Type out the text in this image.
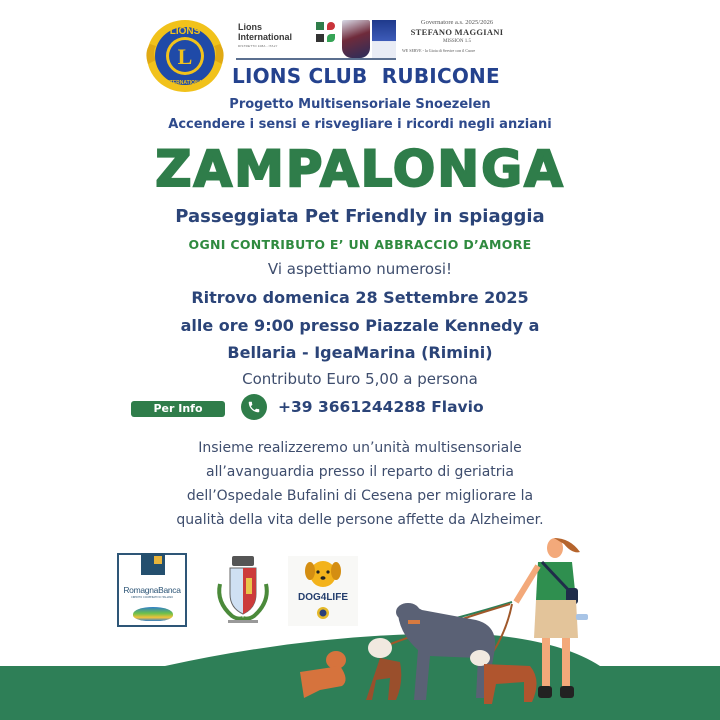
L
LIONS
INTERNATIONAL
Lions
International
DISTRETTO 108A - ITALY
Governatore a.s. 2025/2026
STEFANO MAGGIANI
MISSION 1.5
WE SERVE - la Gioia di Servire con il Cuore
LIONS CLUB  RUBICONE
Progetto Multisensoriale Snoezelen
Accendere i sensi e risvegliare i ricordi negli anziani
ZAMPALONGA
Passeggiata Pet Friendly in spiaggia
OGNI CONTRIBUTO E’ UN ABBRACCIO D’AMORE
Vi aspettiamo numerosi!
Ritrovo domenica 28 Settembre 2025
alle ore 9:00 presso Piazzale Kennedy a
Bellaria - IgeaMarina (Rimini)
Contributo Euro 5,00 a persona
Per Info	+39 3661244288 Flavio
Insieme realizzeremo un’unità multisensoriale
all’avanguardia presso il reparto di geriatria
dell’Ospedale Bufalini di Cesena per migliorare la
qualità della vita delle persone affette da Alzheimer.
RomagnaBanca
CREDITO COOPERATIVO ITALIANO	DOG4LIFE
